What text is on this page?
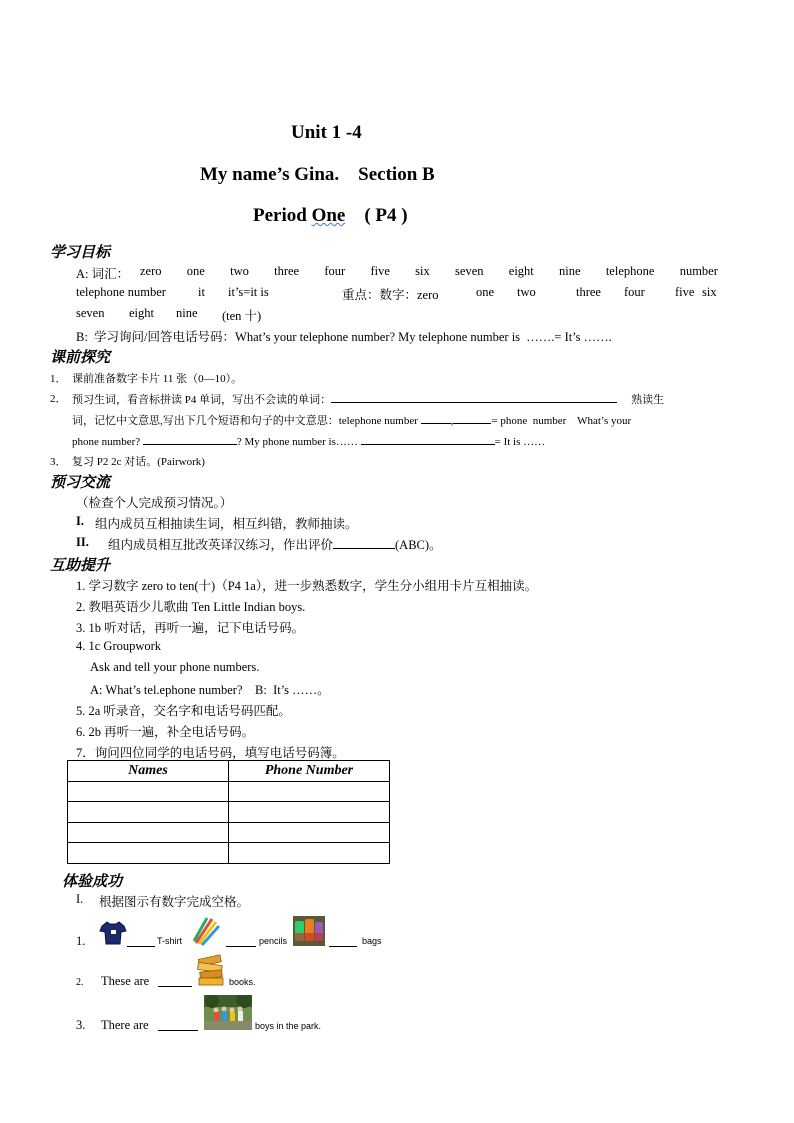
Unit 1 -4
My name’s Gina.    Section B
Period One    ( P4 )
学习目标
A: 词汇： zero one two three four five six seven eight nine telephone number
telephone number	it it’s=it is	重点：数字：zero	one two	three four five six
seven eight nine (ten 十)
B:  学习询问/回答电话号码：What’s your telephone number? My telephone number is  …….= It’s …….
课前探究
1． 课前准备数字卡片 11 张（0—10）。
2． 预习生词，看音标拼读 P4 单词，写出不会读的单词：	熟读生
词，记忆中文意思,写出下几个短语和句子的中文意思：telephone number	,	= phone  number    What’s your
phone number?	? My phone number is……	= It is ……
3． 复习 P2 2c 对话。(Pairwork)
预习交流
（检查个人完成预习情况。）
I. 组内成员互相抽读生词，相互纠错，教师抽读。
II. 组内成员相互批改英译汉练习，作出评价	(ABC)。
互助提升
1. 学习数字 zero to ten(十)（P4 1a），进一步熟悉数字，学生分小组用卡片互相抽读。
2. 教唱英语少儿歌曲 Ten Little Indian boys.
3. 1b 听对话，再听一遍，记下电话号码。
4. 1c Groupwork
Ask and tell your phone numbers.
A: What’s tel.ephone number?    B:  It’s ……。
5. 2a 听录音，交名字和电话号码匹配。
6. 2b 再听一遍，补全电话号码。
7．询问四位同学的电话号码，填写电话号码簿。
Names	Phone Number

体验成功
I. 根据图示有数字完成空格。
1.	T-shirt	pencils	bags
2. These are	books.
3. There are	boys in the park.
